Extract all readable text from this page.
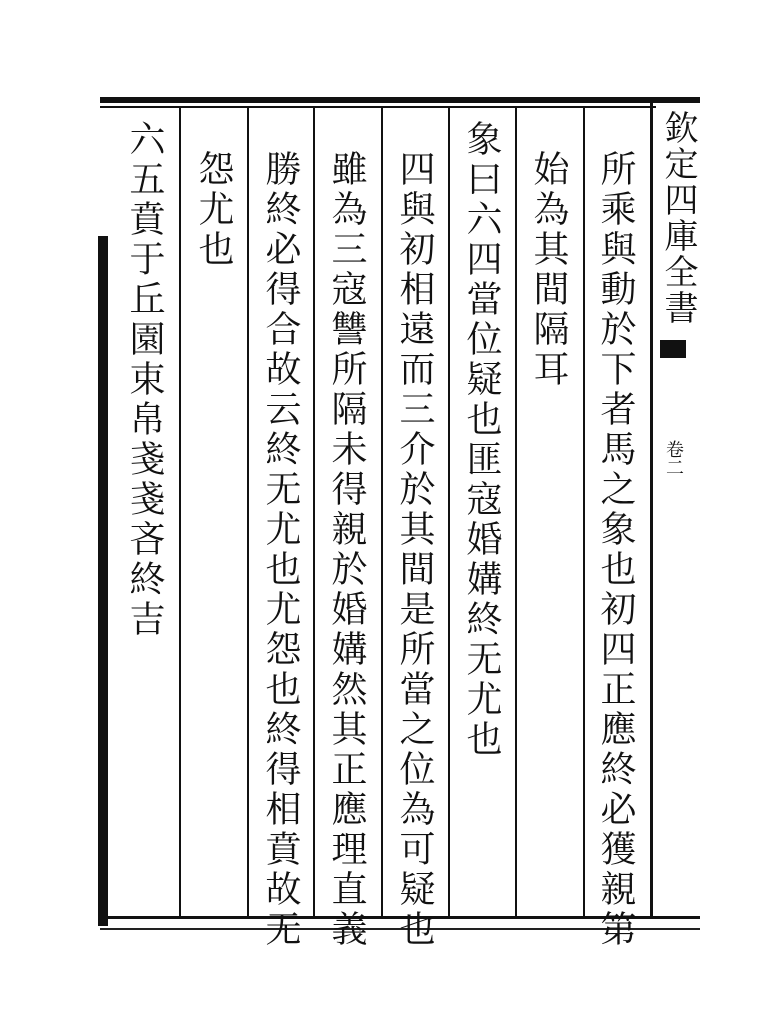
欽定四庫全書
卷二
所乘與動於下者馬之象也初四正應終必獲親第
始為其間隔耳
象曰六四當位疑也匪寇婚媾終无尤也
四與初相遠而三介於其間是所當之位為可疑也
雖為三寇讐所隔未得親於婚媾然其正應理直義
勝終必得合故云終无尤也尤怨也終得相賁故无
怨尤也
六五賁于丘園束帛戔戔吝終吉
